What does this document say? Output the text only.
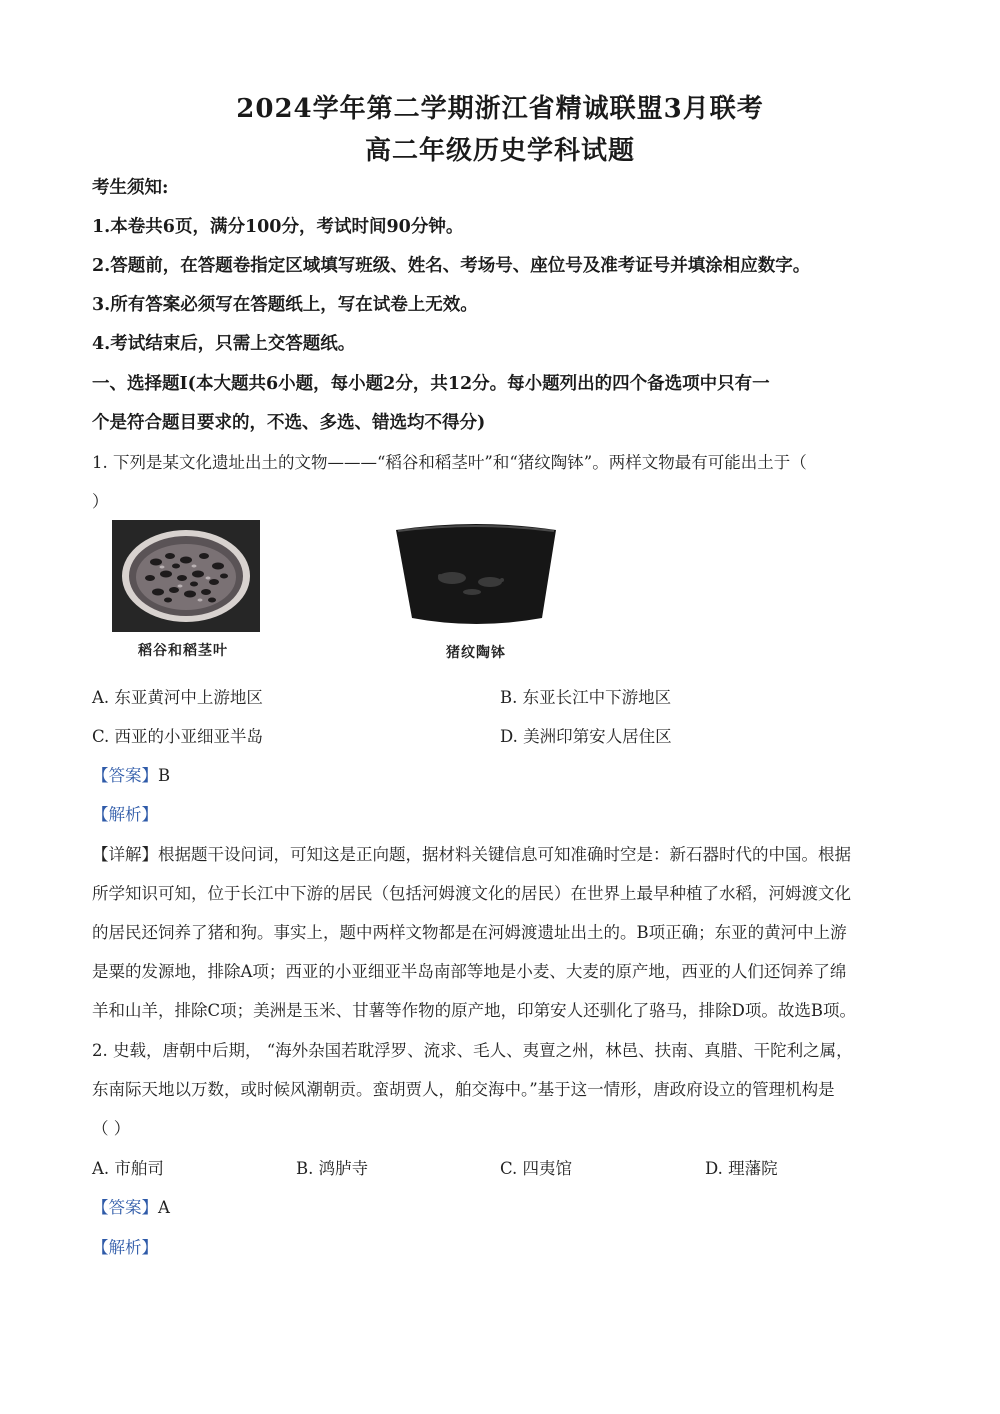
2024学年第二学期浙江省精诚联盟3月联考
高二年级历史学科试题
考生须知:
1.本卷共6页，满分100分，考试时间90分钟。
2.答题前，在答题卷指定区域填写班级、姓名、考场号、座位号及准考证号并填涂相应数字。
3.所有答案必须写在答题纸上，写在试卷上无效。
4.考试结束后，只需上交答题纸。
一、选择题Ⅰ(本大题共6小题，每小题2分，共12分。每小题列出的四个备选项中只有一
个是符合题目要求的，不选、多选、错选均不得分)
1. 下列是某文化遗址出土的文物———“稻谷和稻茎叶”和“猪纹陶钵”。两样文物最有可能出土于（
）
稻谷和稻茎叶	猪纹陶钵
A. 东亚黄河中上游地区	B. 东亚长江中下游地区
C. 西亚的小亚细亚半岛	D. 美洲印第安人居住区
【答案】B
【解析】
【详解】根据题干设问词，可知这是正向题，据材料关键信息可知准确时空是：新石器时代的中国。根据
所学知识可知，位于长江中下游的居民（包括河姆渡文化的居民）在世界上最早种植了水稻，河姆渡文化
的居民还饲养了猪和狗。事实上，题中两样文物都是在河姆渡遗址出土的。B项正确；东亚的黄河中上游
是粟的发源地，排除A项；西亚的小亚细亚半岛南部等地是小麦、大麦的原产地，西亚的人们还饲养了绵
羊和山羊，排除C项；美洲是玉米、甘薯等作物的原产地，印第安人还驯化了骆马，排除D项。故选B项。
2. 史载，唐朝中后期， “海外杂国若耽浮罗、流求、毛人、夷亶之州，林邑、扶南、真腊、干陀利之属，
东南际天地以万数，或时候风潮朝贡。蛮胡贾人，舶交海中。”基于这一情形，唐政府设立的管理机构是
（ ）
A. 市舶司	B. 鸿胪寺	C. 四夷馆	D. 理藩院
【答案】A
【解析】
